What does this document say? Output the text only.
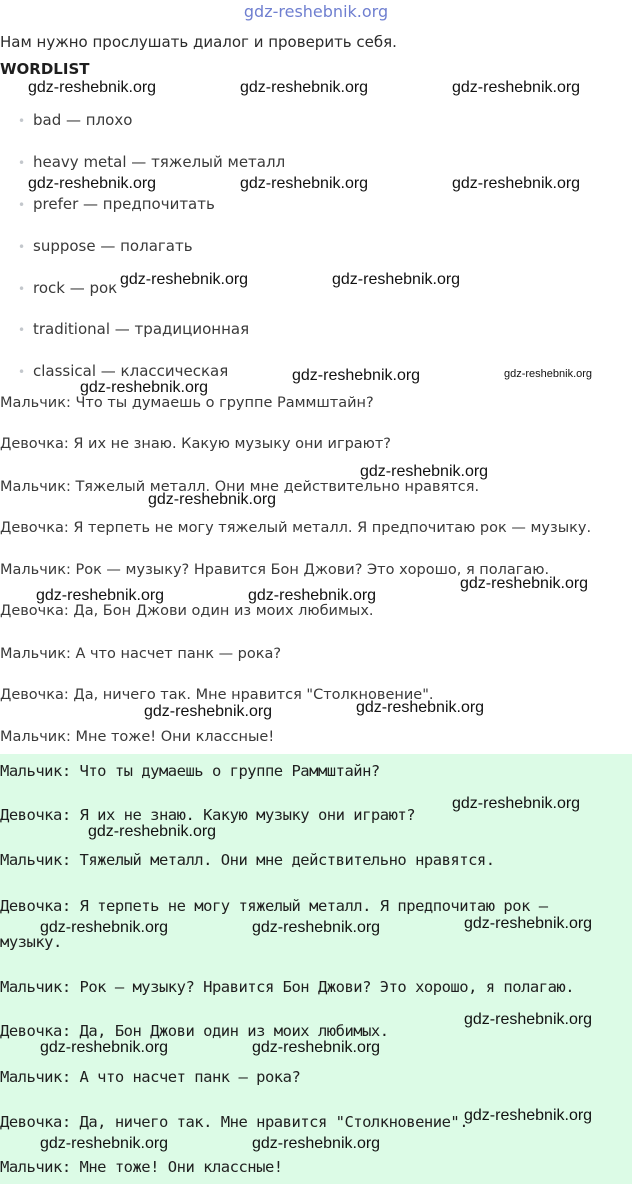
gdz-reshebnik.org
Нам нужно прослушать диалог и проверить себя.
WORDLIST
• bad — плохо
• heavy metal — тяжелый металл
• prefer — предпочитать
• suppose — полагать
• rock — рок
• traditional — традиционная
• classical — классическая
Мальчик: Что ты думаешь о группе Раммштайн?
Девочка: Я их не знаю. Какую музыку они играют?
Мальчик: Тяжелый металл. Они мне действительно нравятся.
Девочка: Я терпеть не могу тяжелый металл. Я предпочитаю рок — музыку.
Мальчик: Рок — музыку? Нравится Бон Джови? Это хорошо, я полагаю.
Девочка: Да, Бон Джови один из моих любимых.
Мальчик: А что насчет панк — рока?
Девочка: Да, ничего так. Мне нравится "Столкновение".
Мальчик: Мне тоже! Они классные!
Мальчик: Что ты думаешь о группе Раммштайн?
Девочка: Я их не знаю. Какую музыку они играют?
Мальчик: Тяжелый металл. Они мне действительно нравятся.
Девочка: Я терпеть не могу тяжелый металл. Я предпочитаю рок —
музыку.
Мальчик: Рок — музыку? Нравится Бон Джови? Это хорошо, я полагаю.
Девочка: Да, Бон Джови один из моих любимых.
Мальчик: А что насчет панк — рока?
Девочка: Да, ничего так. Мне нравится "Столкновение".
Мальчик: Мне тоже! Они классные!
gdz-reshebnik.org	gdz-reshebnik.org	gdz-reshebnik.org
gdz-reshebnik.org	gdz-reshebnik.org	gdz-reshebnik.org
gdz-reshebnik.org	gdz-reshebnik.org
gdz-reshebnik.org
gdz-reshebnik.org	gdz-reshebnik.org
gdz-reshebnik.org
gdz-reshebnik.org
gdz-reshebnik.org
gdz-reshebnik.org	gdz-reshebnik.org
gdz-reshebnik.org	gdz-reshebnik.org
gdz-reshebnik.org
gdz-reshebnik.org
gdz-reshebnik.org
gdz-reshebnik.org	gdz-reshebnik.org
gdz-reshebnik.org
gdz-reshebnik.org	gdz-reshebnik.org
gdz-reshebnik.org
gdz-reshebnik.org	gdz-reshebnik.org
